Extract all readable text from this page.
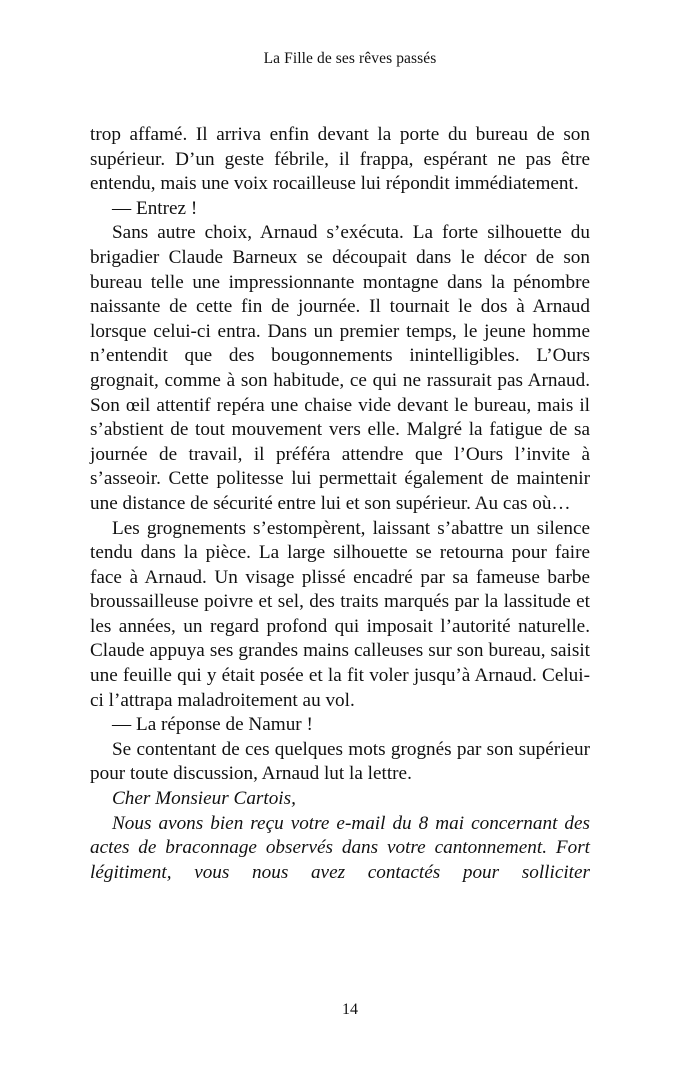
La Fille de ses rêves passés

trop affamé. Il arriva enfin devant la porte du bureau de son supérieur. D’un geste fébrile, il frappa, espérant ne pas être entendu, mais une voix rocailleuse lui répondit immédiatement.

— Entrez !

Sans autre choix, Arnaud s’exécuta. La forte silhouette du brigadier Claude Barneux se découpait dans le décor de son bureau telle une impressionnante montagne dans la pénombre naissante de cette fin de journée. Il tournait le dos à Arnaud lorsque celui-ci entra. Dans un premier temps, le jeune homme n’entendit que des bougonnements inintelligibles. L’Ours grognait, comme à son habitude, ce qui ne rassurait pas Arnaud. Son œil attentif repéra une chaise vide devant le bureau, mais il s’abstient de tout mouvement vers elle. Malgré la fatigue de sa journée de travail, il préféra attendre que l’Ours l’invite à s’asseoir. Cette politesse lui permettait également de maintenir une distance de sécurité entre lui et son supérieur. Au cas où…

Les grognements s’estompèrent, laissant s’abattre un silence tendu dans la pièce. La large silhouette se retourna pour faire face à Arnaud. Un visage plissé encadré par sa fameuse barbe broussailleuse poivre et sel, des traits marqués par la lassitude et les années, un regard profond qui imposait l’autorité naturelle. Claude appuya ses grandes mains calleuses sur son bureau, saisit une feuille qui y était posée et la fit voler jusqu’à Arnaud. Celui-ci l’attrapa maladroitement au vol.

— La réponse de Namur !

Se contentant de ces quelques mots grognés par son supérieur pour toute discussion, Arnaud lut la lettre.

Cher Monsieur Cartois,

Nous avons bien reçu votre e-mail du 8 mai concernant des actes de braconnage observés dans votre cantonnement. Fort légitiment, vous nous avez contactés pour solliciter

14
